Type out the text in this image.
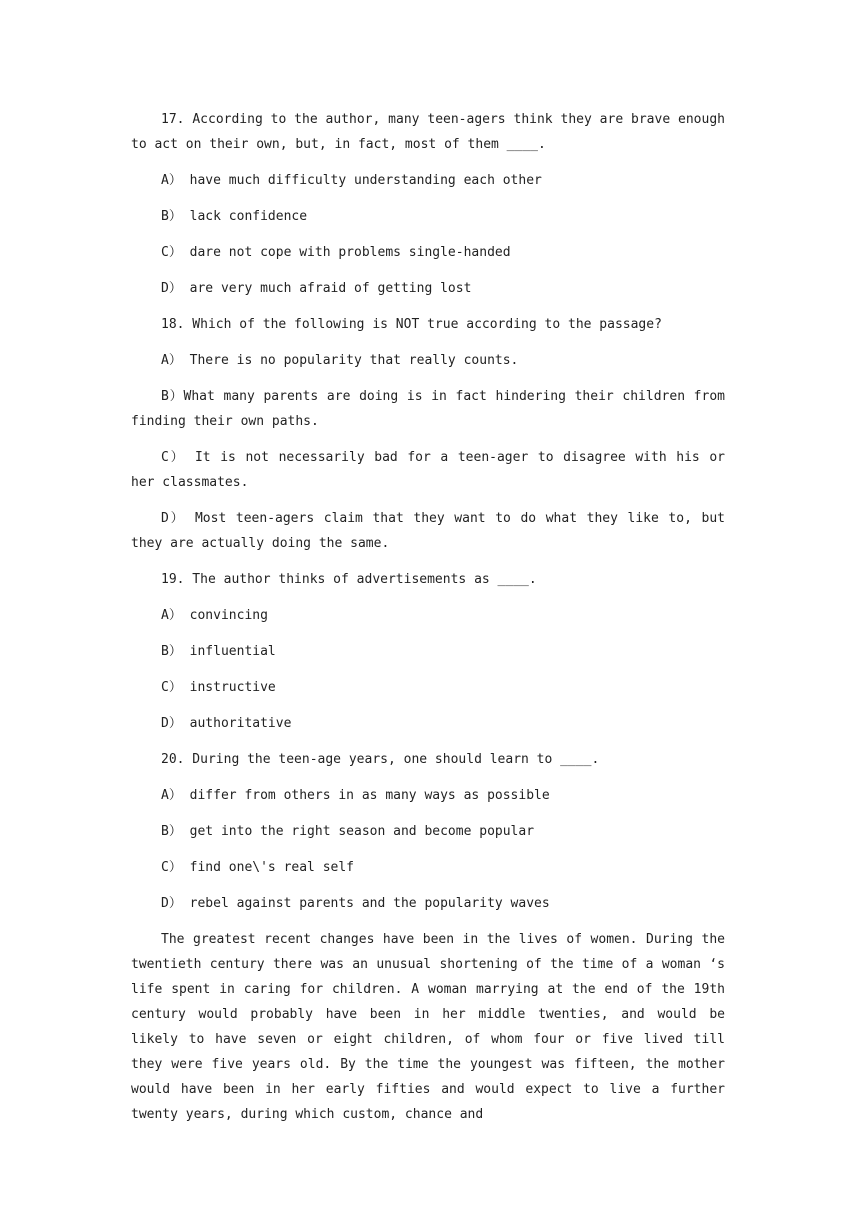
17. According to the author, many teen-agers think they are brave enough to act on their own, but, in fact, most of them ____.

A） have much difficulty understanding each other

B） lack confidence

C） dare not cope with problems single-handed

D） are very much afraid of getting lost

18. Which of the following is NOT true according to the passage?

A） There is no popularity that really counts.

B）What many parents are doing is in fact hindering their children from finding their own paths.

C） It is not necessarily bad for a teen-ager to disagree with his or her classmates.

D） Most teen-agers claim that they want to do what they like to, but they are actually doing the same.

19. The author thinks of advertisements as ____.

A） convincing

B） influential

C） instructive

D） authoritative

20. During the teen-age years, one should learn to ____.

A） differ from others in as many ways as possible

B） get into the right season and become popular

C） find one\'s real self

D） rebel against parents and the popularity waves

The greatest recent changes have been in the lives of women. During the twentieth century there was an unusual shortening of the time of a woman ‘s life spent in caring for children. A woman marrying at the end of the 19th century would probably have been in her middle twenties, and would be likely to have seven or eight children, of whom four or five lived till they were five years old. By the time the youngest was fifteen, the mother would have been in her early fifties and would expect to live a further twenty years, during which custom, chance and
